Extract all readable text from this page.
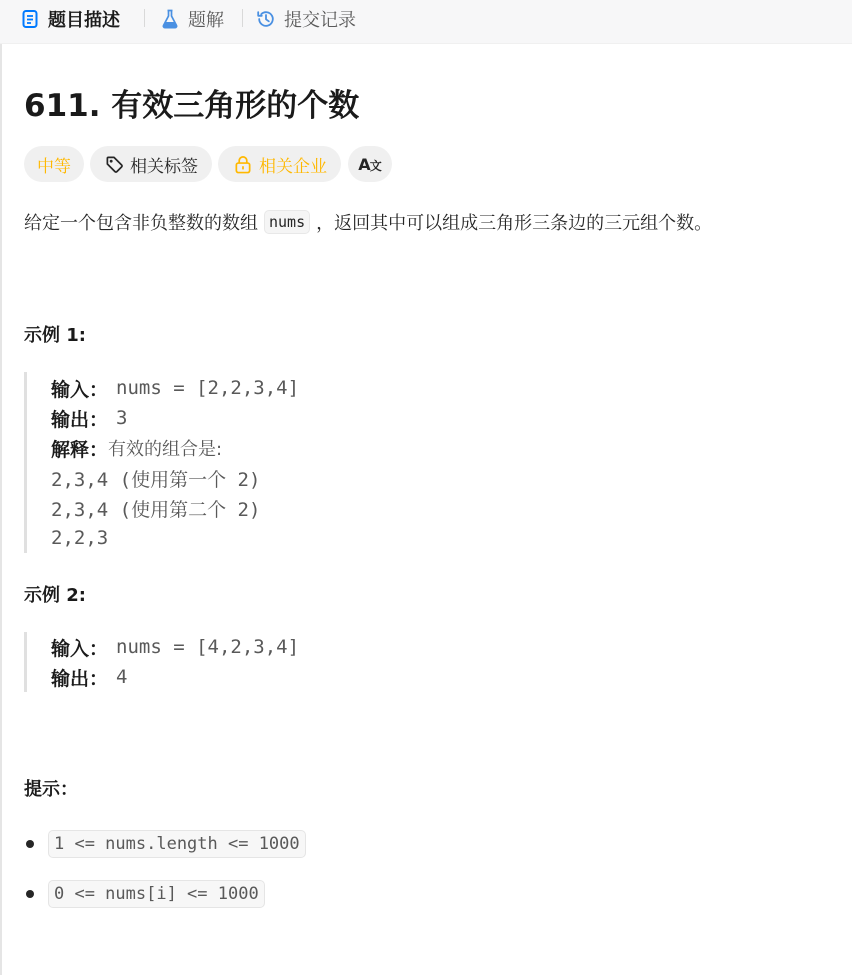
题目描述	题解	提交记录
611. 有效三角形的个数
中等	相关标签	相关企业 A 文
给定一个包含非负整数的数组 nums ，返回其中可以组成三角形三条边的三元组个数。
示例 1:
输入： nums = [2,2,3,4]
输出： 3
解释： 有效的组合是:
2,3,4 (使用第一个 2)
2,3,4 (使用第二个 2)
2,2,3
示例 2:
输入： nums = [4,2,3,4]
输出： 4
提示：
1 <= nums.length <= 1000
0 <= nums[i] <= 1000
